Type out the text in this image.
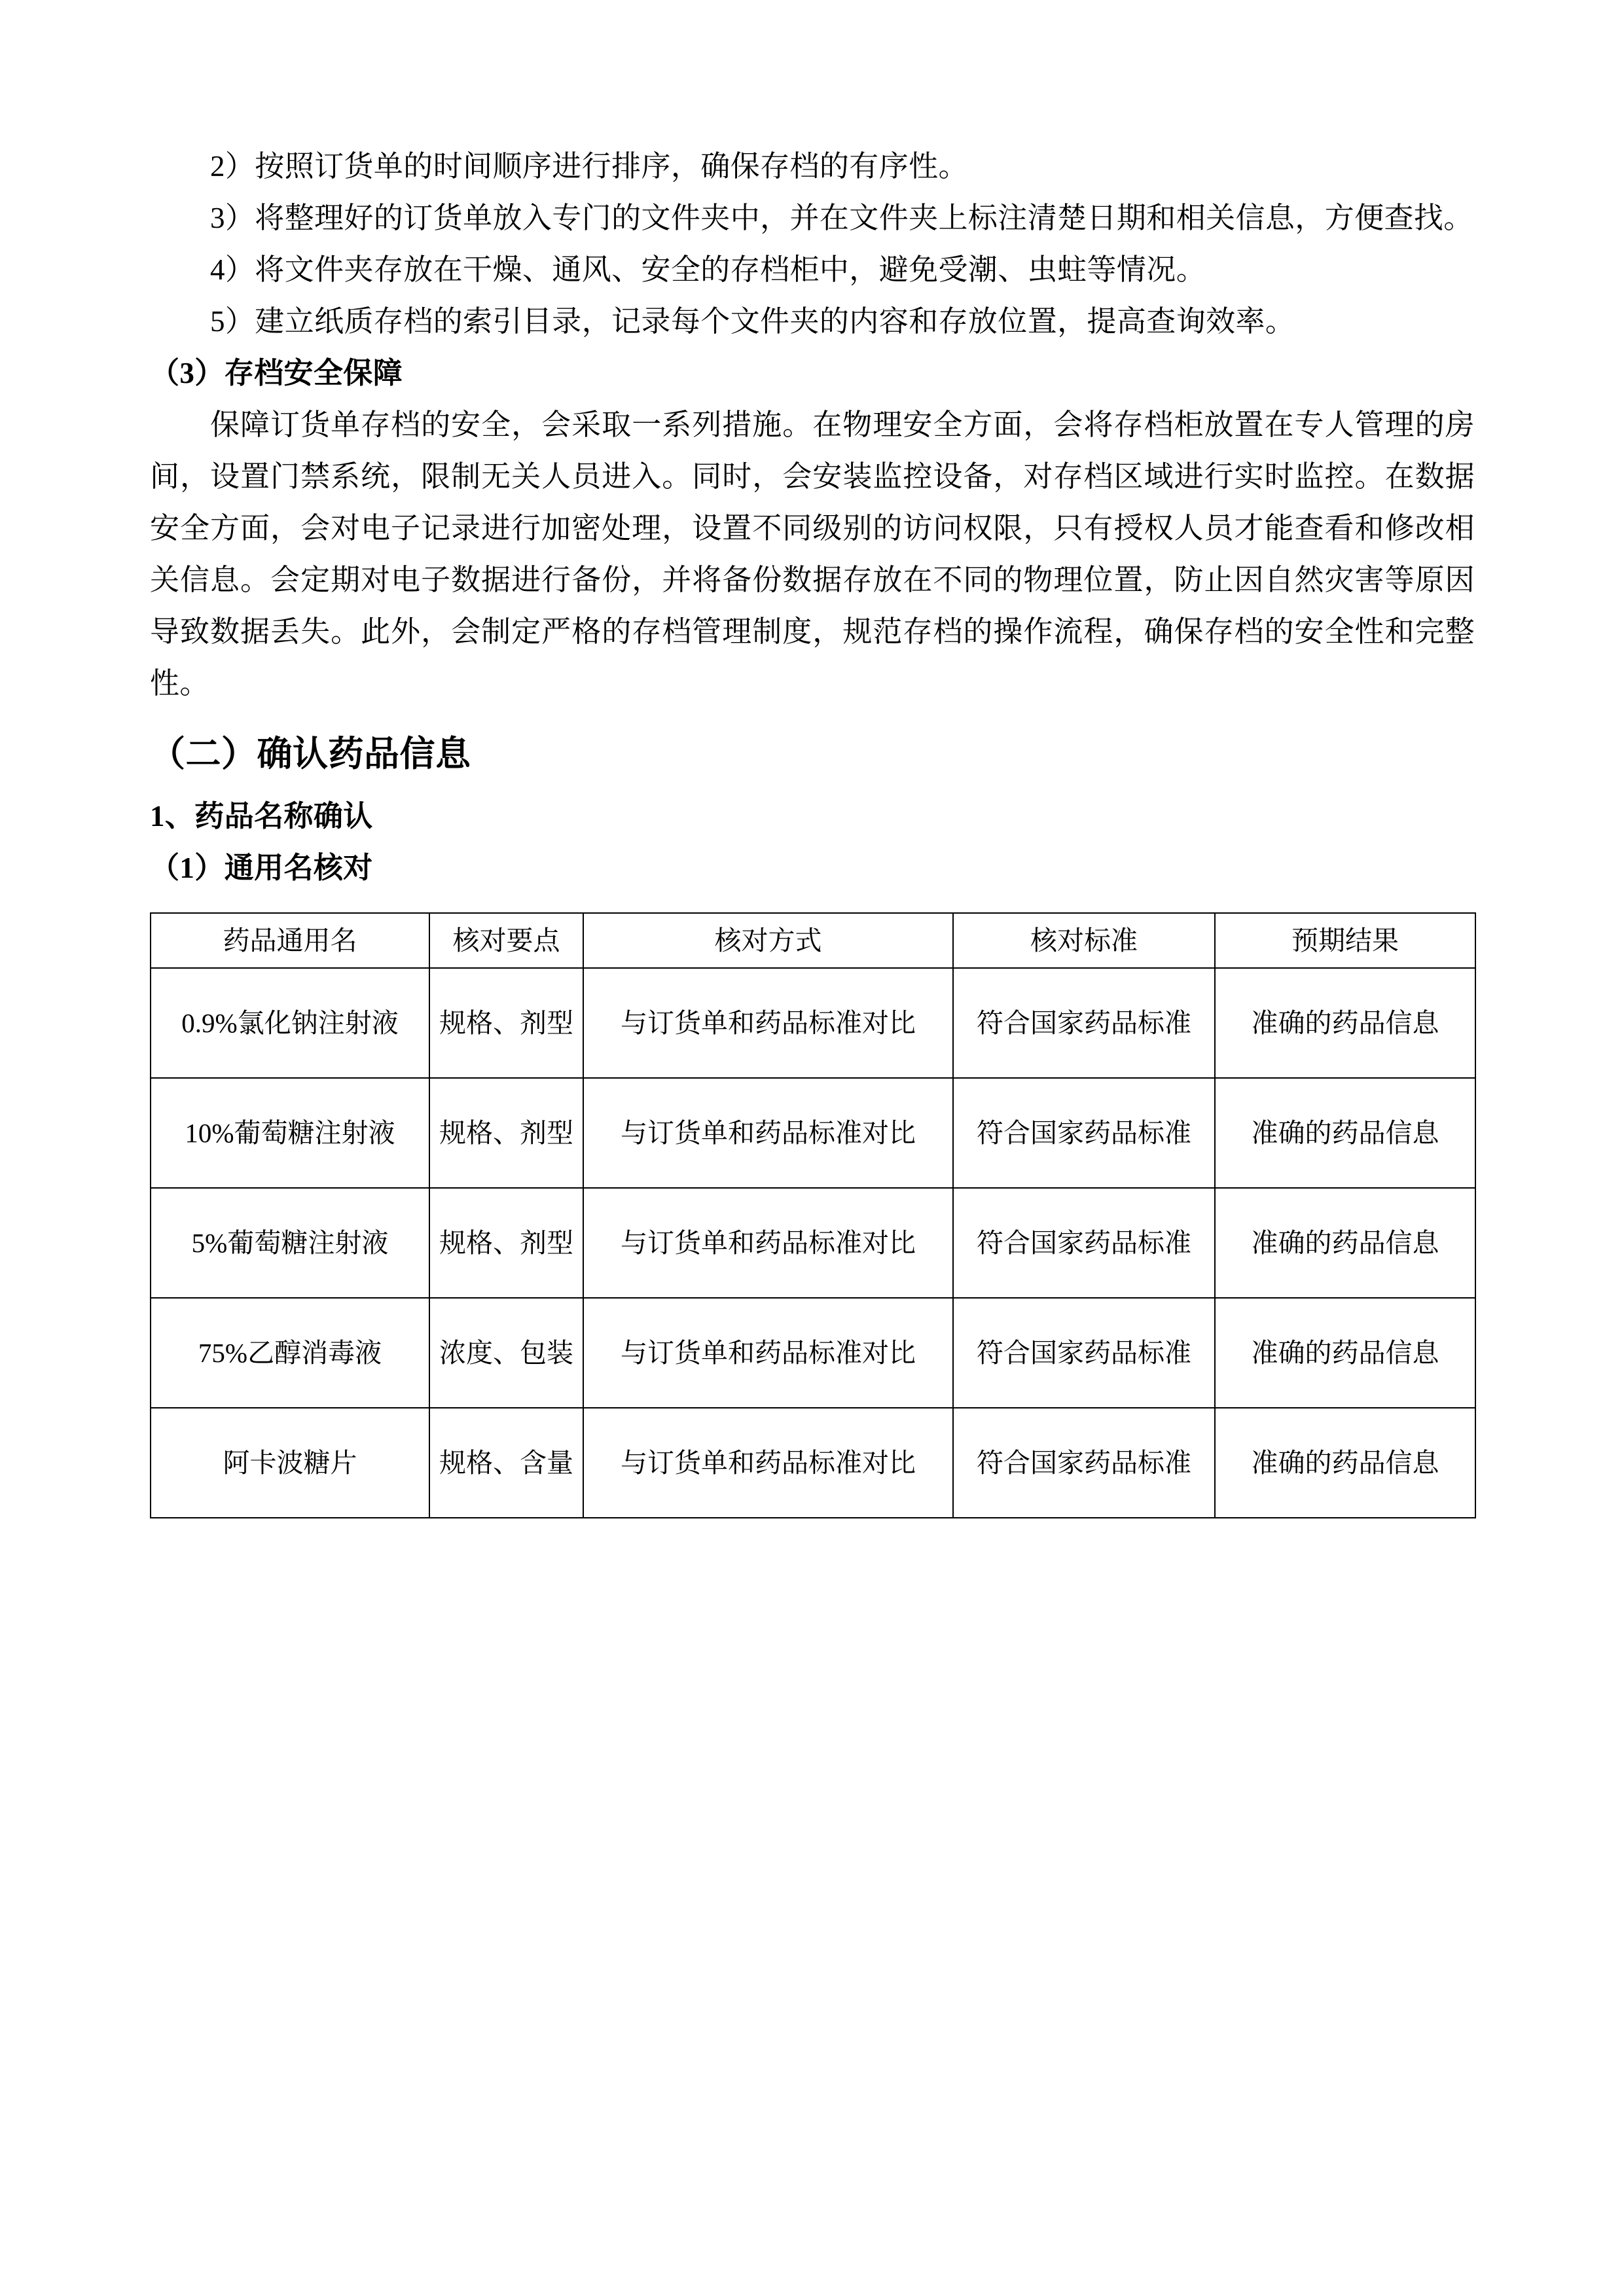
2）按照订货单的时间顺序进行排序，确保存档的有序性。

3）将整理好的订货单放入专门的文件夹中，并在文件夹上标注清楚日期和相关信息，方便查找。

4）将文件夹存放在干燥、通风、安全的存档柜中，避免受潮、虫蛀等情况。

5）建立纸质存档的索引目录，记录每个文件夹的内容和存放位置，提高查询效率。

（3）存档安全保障

保障订货单存档的安全，会采取一系列措施。在物理安全方面，会将存档柜放置在专人管理的房间，设置门禁系统，限制无关人员进入。同时，会安装监控设备，对存档区域进行实时监控。在数据安全方面，会对电子记录进行加密处理，设置不同级别的访问权限，只有授权人员才能查看和修改相关信息。会定期对电子数据进行备份，并将备份数据存放在不同的物理位置，防止因自然灾害等原因导致数据丢失。此外，会制定严格的存档管理制度，规范存档的操作流程，确保存档的安全性和完整性。

（二）确认药品信息

1、药品名称确认

（1）通用名核对

药品通用名	核对要点	核对方式	核对标准	预期结果
0.9%氯化钠注射液	规格、剂型	与订货单和药品标准对比	符合国家药品标准	准确的药品信息
10%葡萄糖注射液	规格、剂型	与订货单和药品标准对比	符合国家药品标准	准确的药品信息
5%葡萄糖注射液	规格、剂型	与订货单和药品标准对比	符合国家药品标准	准确的药品信息
75%乙醇消毒液	浓度、包装	与订货单和药品标准对比	符合国家药品标准	准确的药品信息
阿卡波糖片	规格、含量	与订货单和药品标准对比	符合国家药品标准	准确的药品信息
